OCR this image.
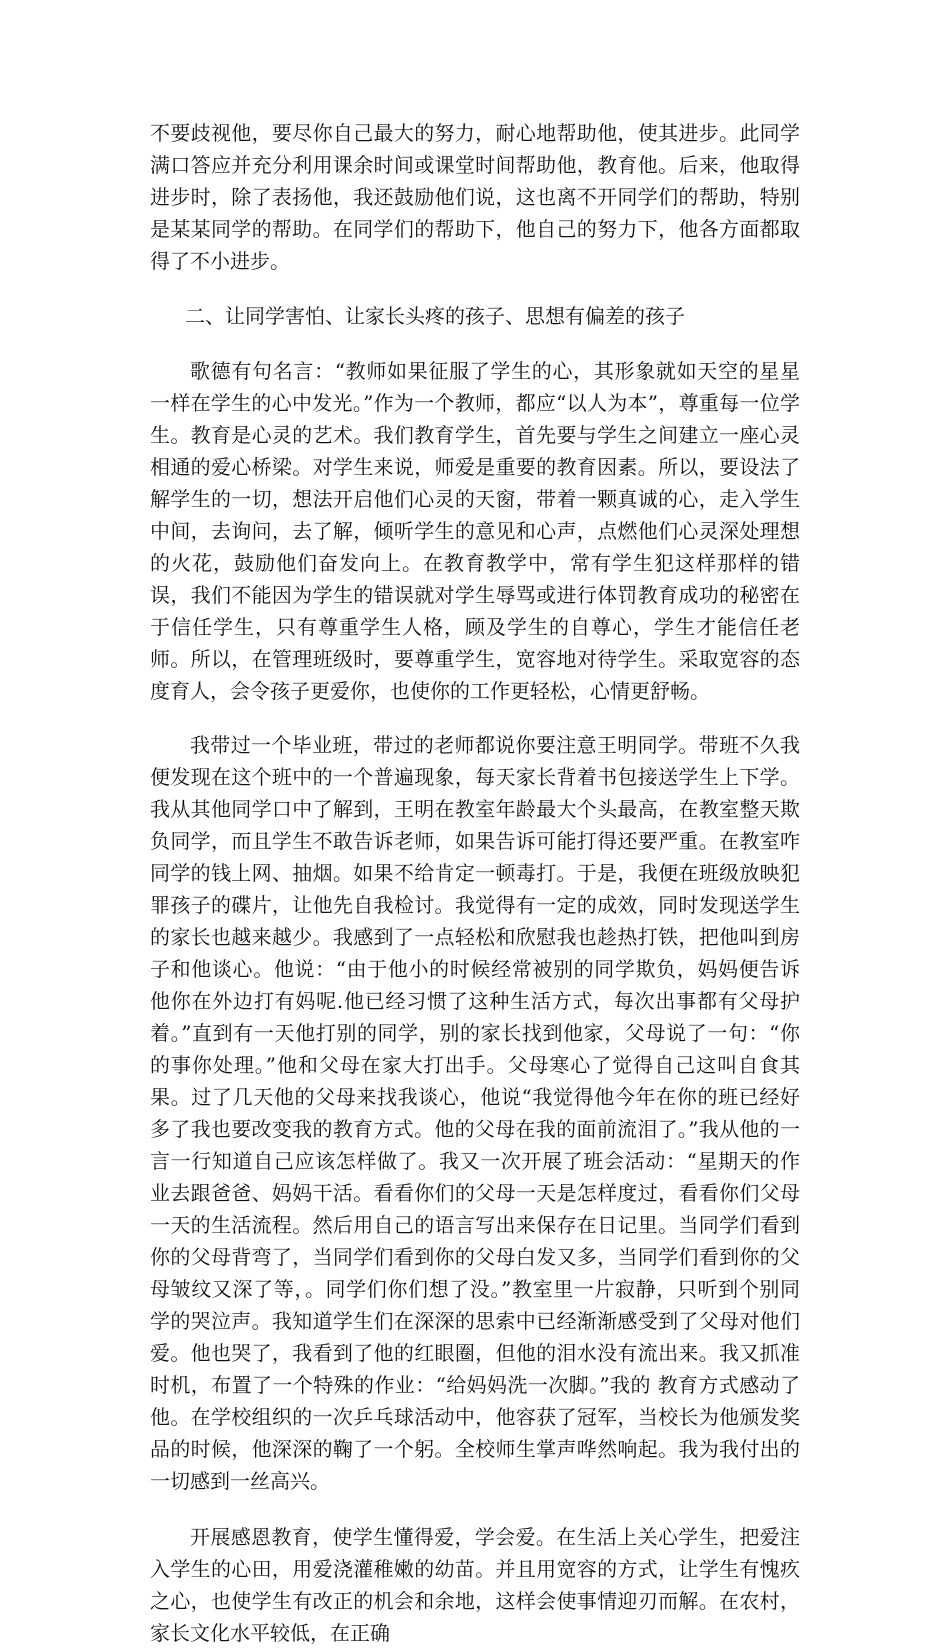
不要歧视他，要尽你自己最大的努力，耐心地帮助他，使其进步。此同学满口答应并充分利用课余时间或课堂时间帮助他，教育他。后来，他取得进步时，除了表扬他，我还鼓励他们说，这也离不开同学们的帮助，特别是某某同学的帮助。在同学们的帮助下，他自己的努力下，他各方面都取得了不小进步。

二、让同学害怕、让家长头疼的孩子、思想有偏差的孩子

歌德有句名言：“教师如果征服了学生的心，其形象就如天空的星星一样在学生的心中发光。”作为一个教师，都应“以人为本”，尊重每一位学生。教育是心灵的艺术。我们教育学生，首先要与学生之间建立一座心灵相通的爱心桥梁。对学生来说，师爱是重要的教育因素。所以，要设法了解学生的一切，想法开启他们心灵的天窗，带着一颗真诚的心，走入学生中间，去询问，去了解，倾听学生的意见和心声，点燃他们心灵深处理想的火花，鼓励他们奋发向上。在教育教学中，常有学生犯这样那样的错误，我们不能因为学生的错误就对学生辱骂或进行体罚教育成功的秘密在于信任学生，只有尊重学生人格，顾及学生的自尊心，学生才能信任老师。所以，在管理班级时，要尊重学生，宽容地对待学生。采取宽容的态度育人，会令孩子更爱你，也使你的工作更轻松，心情更舒畅。

我带过一个毕业班，带过的老师都说你要注意王明同学。带班不久我便发现在这个班中的一个普遍现象，每天家长背着书包接送学生上下学。我从其他同学口中了解到，王明在教室年龄最大个头最高，在教室整天欺负同学，而且学生不敢告诉老师，如果告诉可能打得还要严重。在教室咋同学的钱上网、抽烟。如果不给肯定一顿毒打。于是，我便在班级放映犯罪孩子的碟片，让他先自我检讨。我觉得有一定的成效，同时发现送学生的家长也越来越少。我感到了一点轻松和欣慰我也趁热打铁，把他叫到房子和他谈心。他说：“由于他小的时候经常被别的同学欺负，妈妈便告诉他你在外边打有妈呢.他已经习惯了这种生活方式，每次出事都有父母护着。”直到有一天他打别的同学，别的家长找到他家，父母说了一句：“你的事你处理。”他和父母在家大打出手。父母寒心了觉得自己这叫自食其果。过了几天他的父母来找我谈心，他说“我觉得他今年在你的班已经好多了我也要改变我的教育方式。他的父母在我的面前流泪了。”我从他的一言一行知道自己应该怎样做了。我又一次开展了班会活动：“星期天的作业去跟爸爸、妈妈干活。看看你们的父母一天是怎样度过，看看你们父母一天的生活流程。然后用自己的语言写出来保存在日记里。当同学们看到你的父母背弯了，当同学们看到你的父母白发又多，当同学们看到你的父母皱纹又深了等，。同学们你们想了没。”教室里一片寂静，只听到个别同学的哭泣声。我知道学生们在深深的思索中已经渐渐感受到了父母对他们爱。他也哭了，我看到了他的红眼圈，但他的泪水没有流出来。我又抓准时机，布置了一个特殊的作业：“给妈妈洗一次脚。”我的 教育方式感动了他。在学校组织的一次乒乓球活动中，他容获了冠军，当校长为他颁发奖品的时候，他深深的鞠了一个躬。全校师生掌声哗然响起。我为我付出的一切感到一丝高兴。

开展感恩教育，使学生懂得爱，学会爱。在生活上关心学生，把爱注入学生的心田，用爱浇灌稚嫩的幼苗。并且用宽容的方式，让学生有愧疚之心，也使学生有改正的机会和余地，这样会使事情迎刃而解。在农村，家长文化水平较低，在正确
